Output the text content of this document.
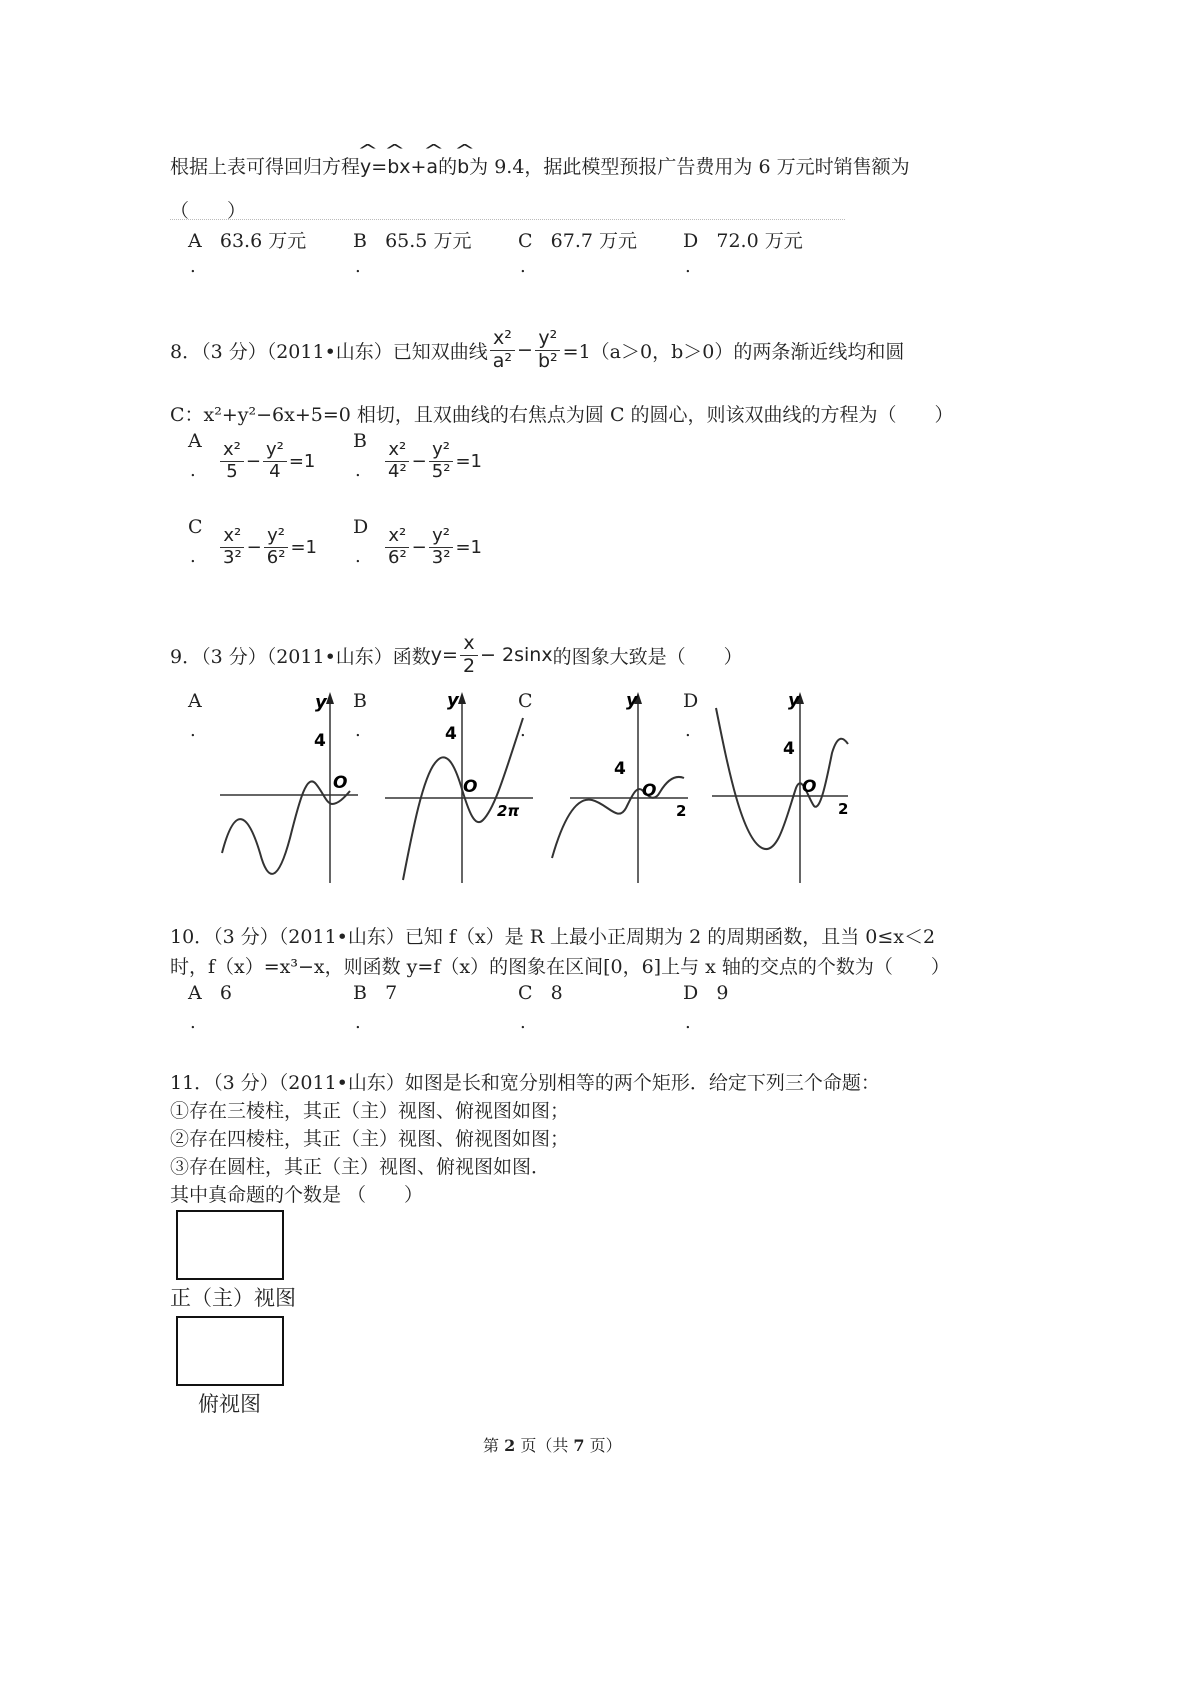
根据上表可得回归方程^ y=^ bx+^ a的^ b为 9.4，据此模型预报广告费用为 6 万元时销售额为
（　　）
A 63.6 万元 B 65.5 万元 C 67.7 万元 D 72.0 万元
.	.	.	.
8．（3 分）（2011•山东）已知双曲线 $\frac{\text{x²}}{\text{a²}} - \frac{\text{y²}}{\text{b²}} =1(a>0$，b＞0）的两条渐近线均和圆
C：x²+y²−6x+5=0 相切，且双曲线的右焦点为圆 C 的圆心，则该双曲线的方程为（　　）
A
. $\frac{\text{x²}}{5} - \frac{\text{y²}}{4} =1$
B
. $\frac{\text{x²}}{\text{4²}} - \frac{\text{y²}}{\text{5²}} =1$
C
. $\frac{\text{x²}}{\text{3²}} - \frac{\text{y²}}{\text{6²}} =1$
D
. $\frac{\text{x²}}{\text{6²}} - \frac{\text{y²}}{\text{3²}} =1$
9．（3 分）（2011•山东）函数 $y= \frac{x}{2} - 2\sin x$ 的图象大致是（　　）
A
.
B
.
C
.
D
.
y
4
O
y
4
O
2π
y
4
O
2
y
4
O
2
10．（3 分）（2011•山东）已知 f（x）是 R 上最小正周期为 2 的周期函数，且当 0≤x＜2
时，f（x）=x³−x，则函数 y=f（x）的图象在区间[0，6]上与 x 轴的交点的个数为（　　）
A 6	B 7	C 8	D 9
.	.	.	.
11．（3 分）（2011•山东）如图是长和宽分别相等的两个矩形．给定下列三个命题：
①存在三棱柱，其正（主）视图、俯视图如图；
②存在四棱柱，其正（主）视图、俯视图如图；
③存在圆柱，其正（主）视图、俯视图如图．
其中真命题的个数是 （　　）
正（主）视图
俯视图
第 2 页（共 7 页）
